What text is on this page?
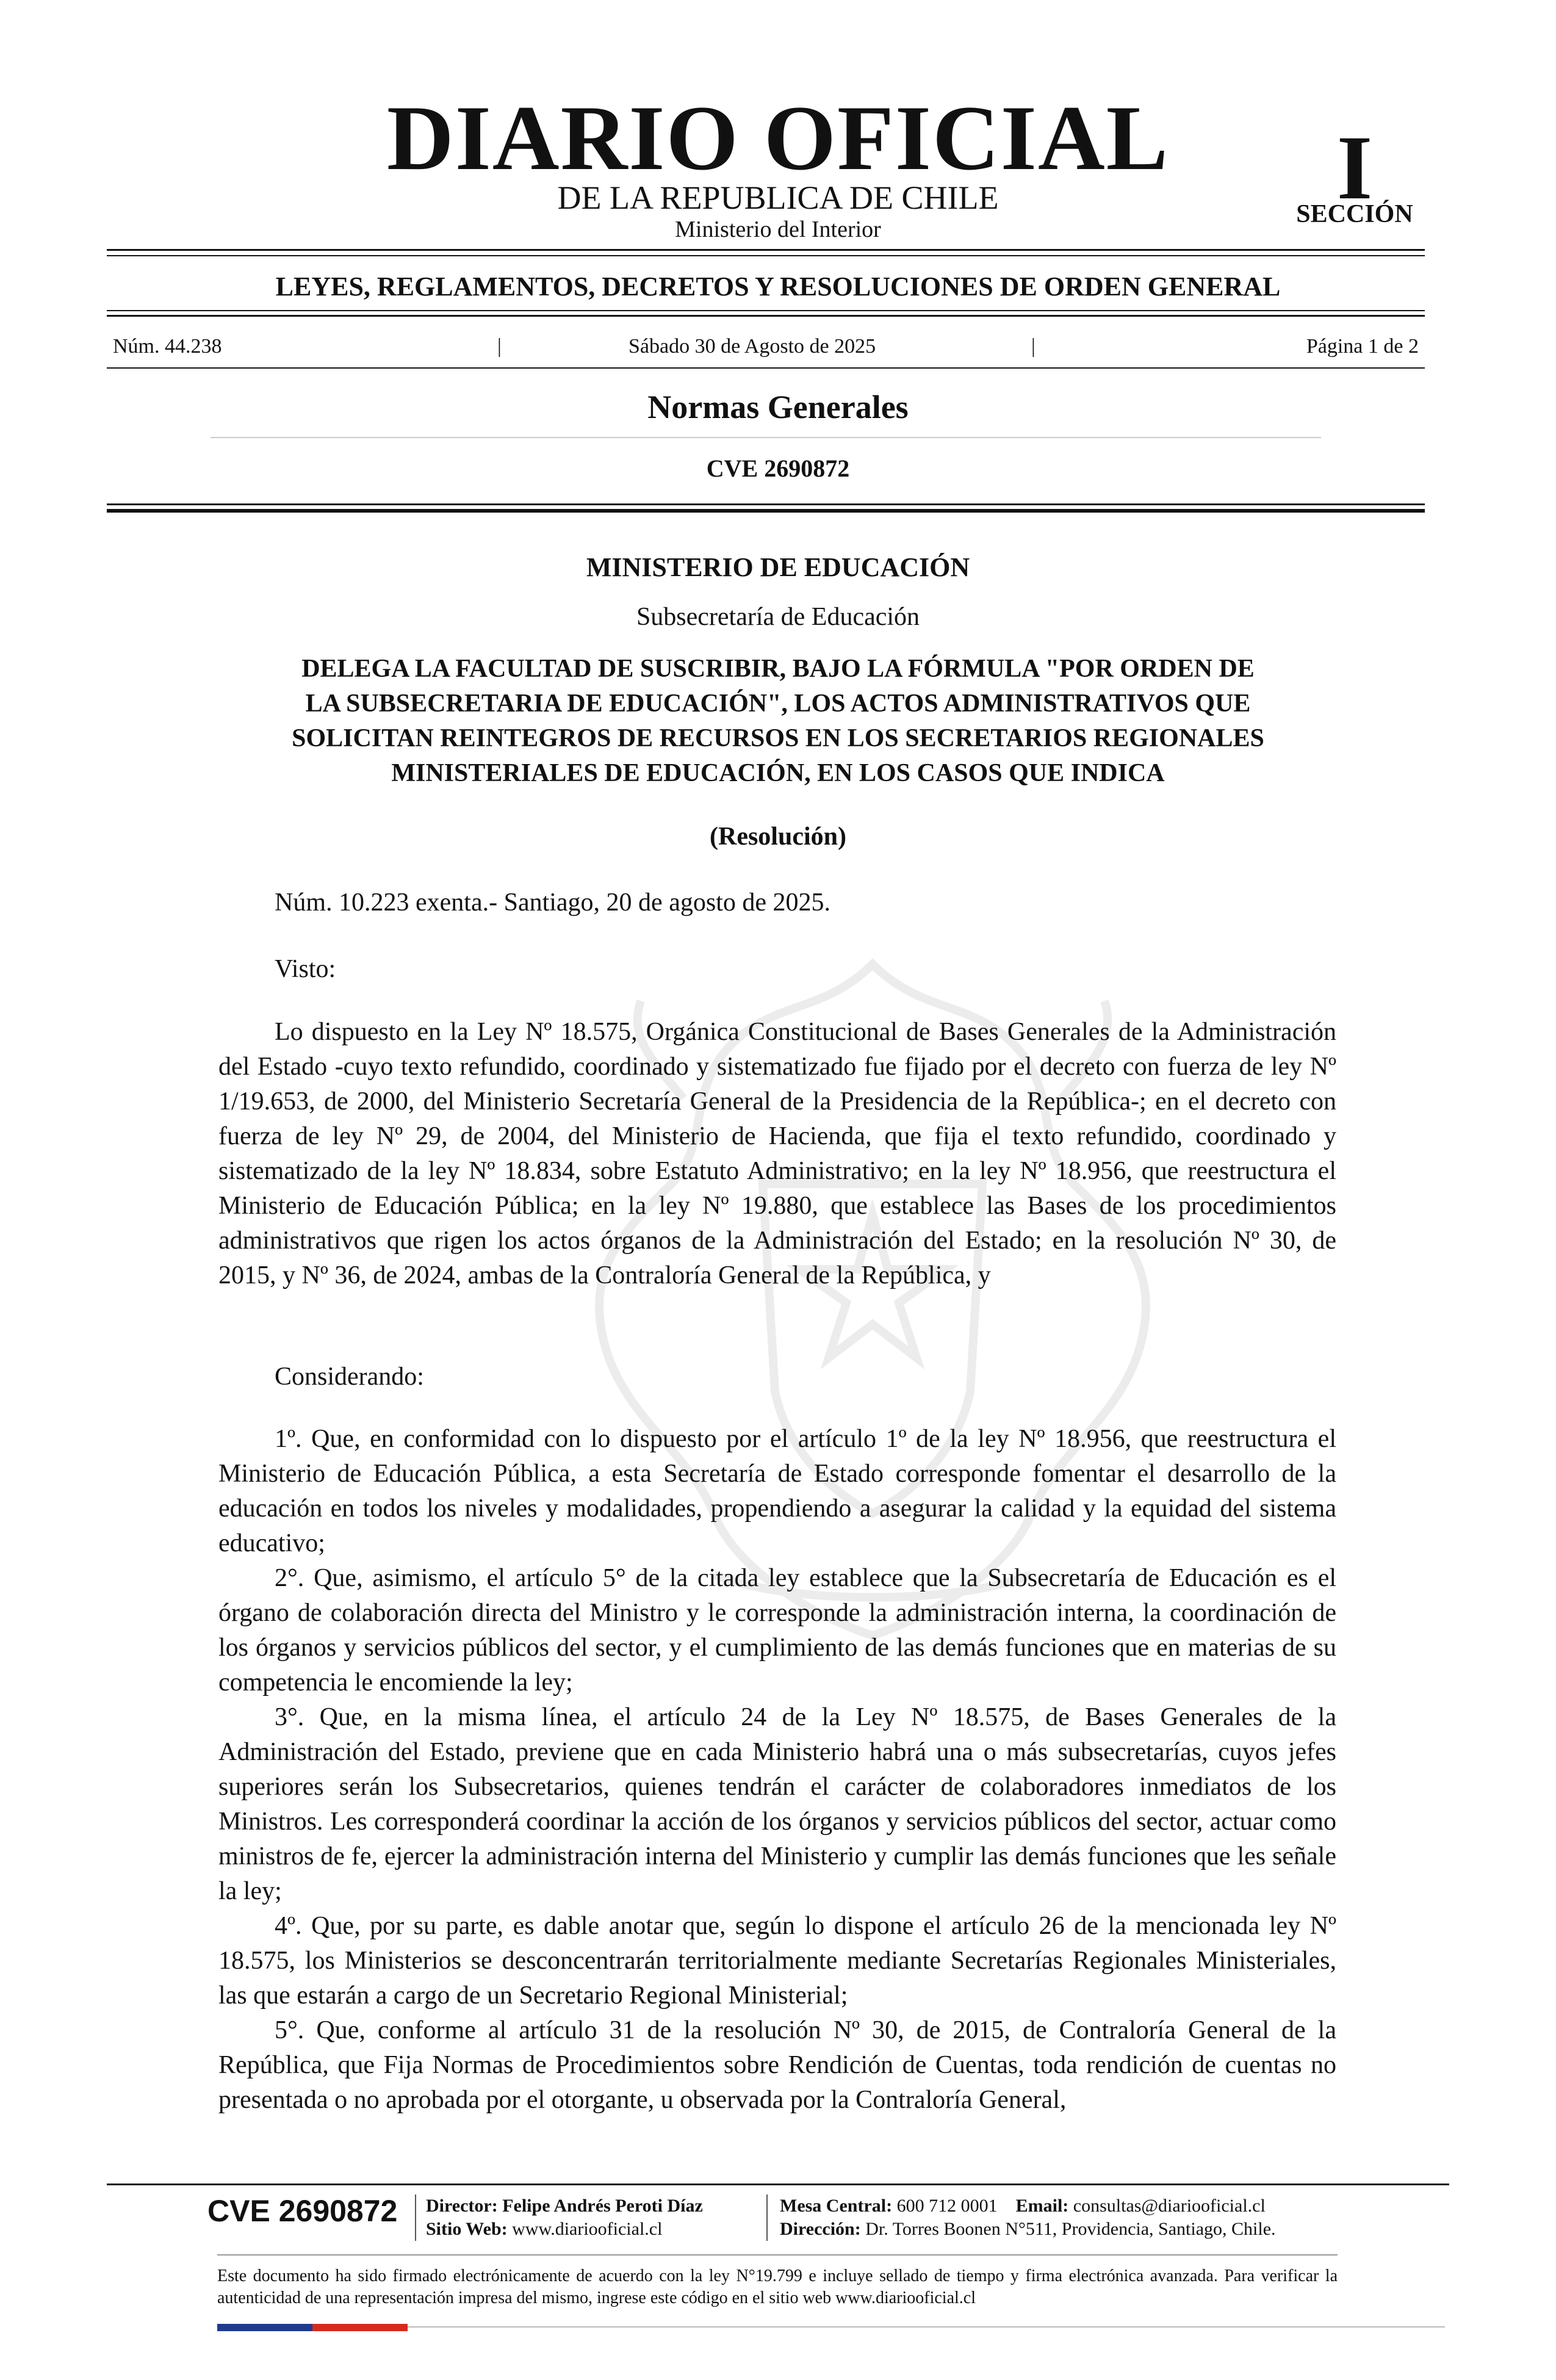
DIARIO OFICIAL
DE LA REPUBLICA DE CHILE
Ministerio del Interior
I
SECCIÓN
LEYES, REGLAMENTOS, DECRETOS Y RESOLUCIONES DE ORDEN GENERAL
Núm. 44.238	|	Sábado 30 de Agosto de 2025	|	Página 1 de 2
Normas Generales
CVE 2690872
MINISTERIO DE EDUCACIÓN
Subsecretaría de Educación
DELEGA LA FACULTAD DE SUSCRIBIR, BAJO LA FÓRMULA "POR ORDEN DE
LA SUBSECRETARIA DE EDUCACIÓN", LOS ACTOS ADMINISTRATIVOS QUE
SOLICITAN REINTEGROS DE RECURSOS EN LOS SECRETARIOS REGIONALES
MINISTERIALES DE EDUCACIÓN, EN LOS CASOS QUE INDICA
(Resolución)
Núm. 10.223 exenta.- Santiago, 20 de agosto de 2025.
Visto:

Lo dispuesto en la Ley Nº 18.575, Orgánica Constitucional de Bases Generales de la Administración del Estado -cuyo texto refundido, coordinado y sistematizado fue fijado por el decreto con fuerza de ley Nº 1/19.653, de 2000, del Ministerio Secretaría General de la Presidencia de la República-; en el decreto con fuerza de ley Nº 29, de 2004, del Ministerio de Hacienda, que fija el texto refundido, coordinado y sistematizado de la ley Nº 18.834, sobre Estatuto Administrativo; en la ley Nº 18.956, que reestructura el Ministerio de Educación Pública; en la ley Nº 19.880, que establece las Bases de los procedimientos administrativos que rigen los actos órganos de la Administración del Estado; en la resolución Nº 30, de 2015, y Nº 36, de 2024, ambas de la Contraloría General de la República, y

Considerando:

1º. Que, en conformidad con lo dispuesto por el artículo 1º de la ley Nº 18.956, que reestructura el Ministerio de Educación Pública, a esta Secretaría de Estado corresponde fomentar el desarrollo de la educación en todos los niveles y modalidades, propendiendo a asegurar la calidad y la equidad del sistema educativo;

2°. Que, asimismo, el artículo 5° de la citada ley establece que la Subsecretaría de Educación es el órgano de colaboración directa del Ministro y le corresponde la administración interna, la coordinación de los órganos y servicios públicos del sector, y el cumplimiento de las demás funciones que en materias de su competencia le encomiende la ley;

3°. Que, en la misma línea, el artículo 24 de la Ley Nº 18.575, de Bases Generales de la Administración del Estado, previene que en cada Ministerio habrá una o más subsecretarías, cuyos jefes superiores serán los Subsecretarios, quienes tendrán el carácter de colaboradores inmediatos de los Ministros. Les corresponderá coordinar la acción de los órganos y servicios públicos del sector, actuar como ministros de fe, ejercer la administración interna del Ministerio y cumplir las demás funciones que les señale la ley;

4º. Que, por su parte, es dable anotar que, según lo dispone el artículo 26 de la mencionada ley Nº 18.575, los Ministerios se desconcentrarán territorialmente mediante Secretarías Regionales Ministeriales, las que estarán a cargo de un Secretario Regional Ministerial;

5°. Que, conforme al artículo 31 de la resolución Nº 30, de 2015, de Contraloría General de la República, que Fija Normas de Procedimientos sobre Rendición de Cuentas, toda rendición de cuentas no presentada o no aprobada por el otorgante, u observada por la Contraloría General,

CVE 2690872 Director: Felipe Andrés Peroti Díaz
Sitio Web: www.diariooficial.cl
Mesa Central: 600 712 0001 Email: consultas@diariooficial.cl
Dirección: Dr. Torres Boonen N°511, Providencia, Santiago, Chile.
Este documento ha sido firmado electrónicamente de acuerdo con la ley N°19.799 e incluye sellado de tiempo y firma electrónica avanzada. Para verificar la autenticidad de una representación impresa del mismo, ingrese este código en el sitio web www.diariooficial.cl
